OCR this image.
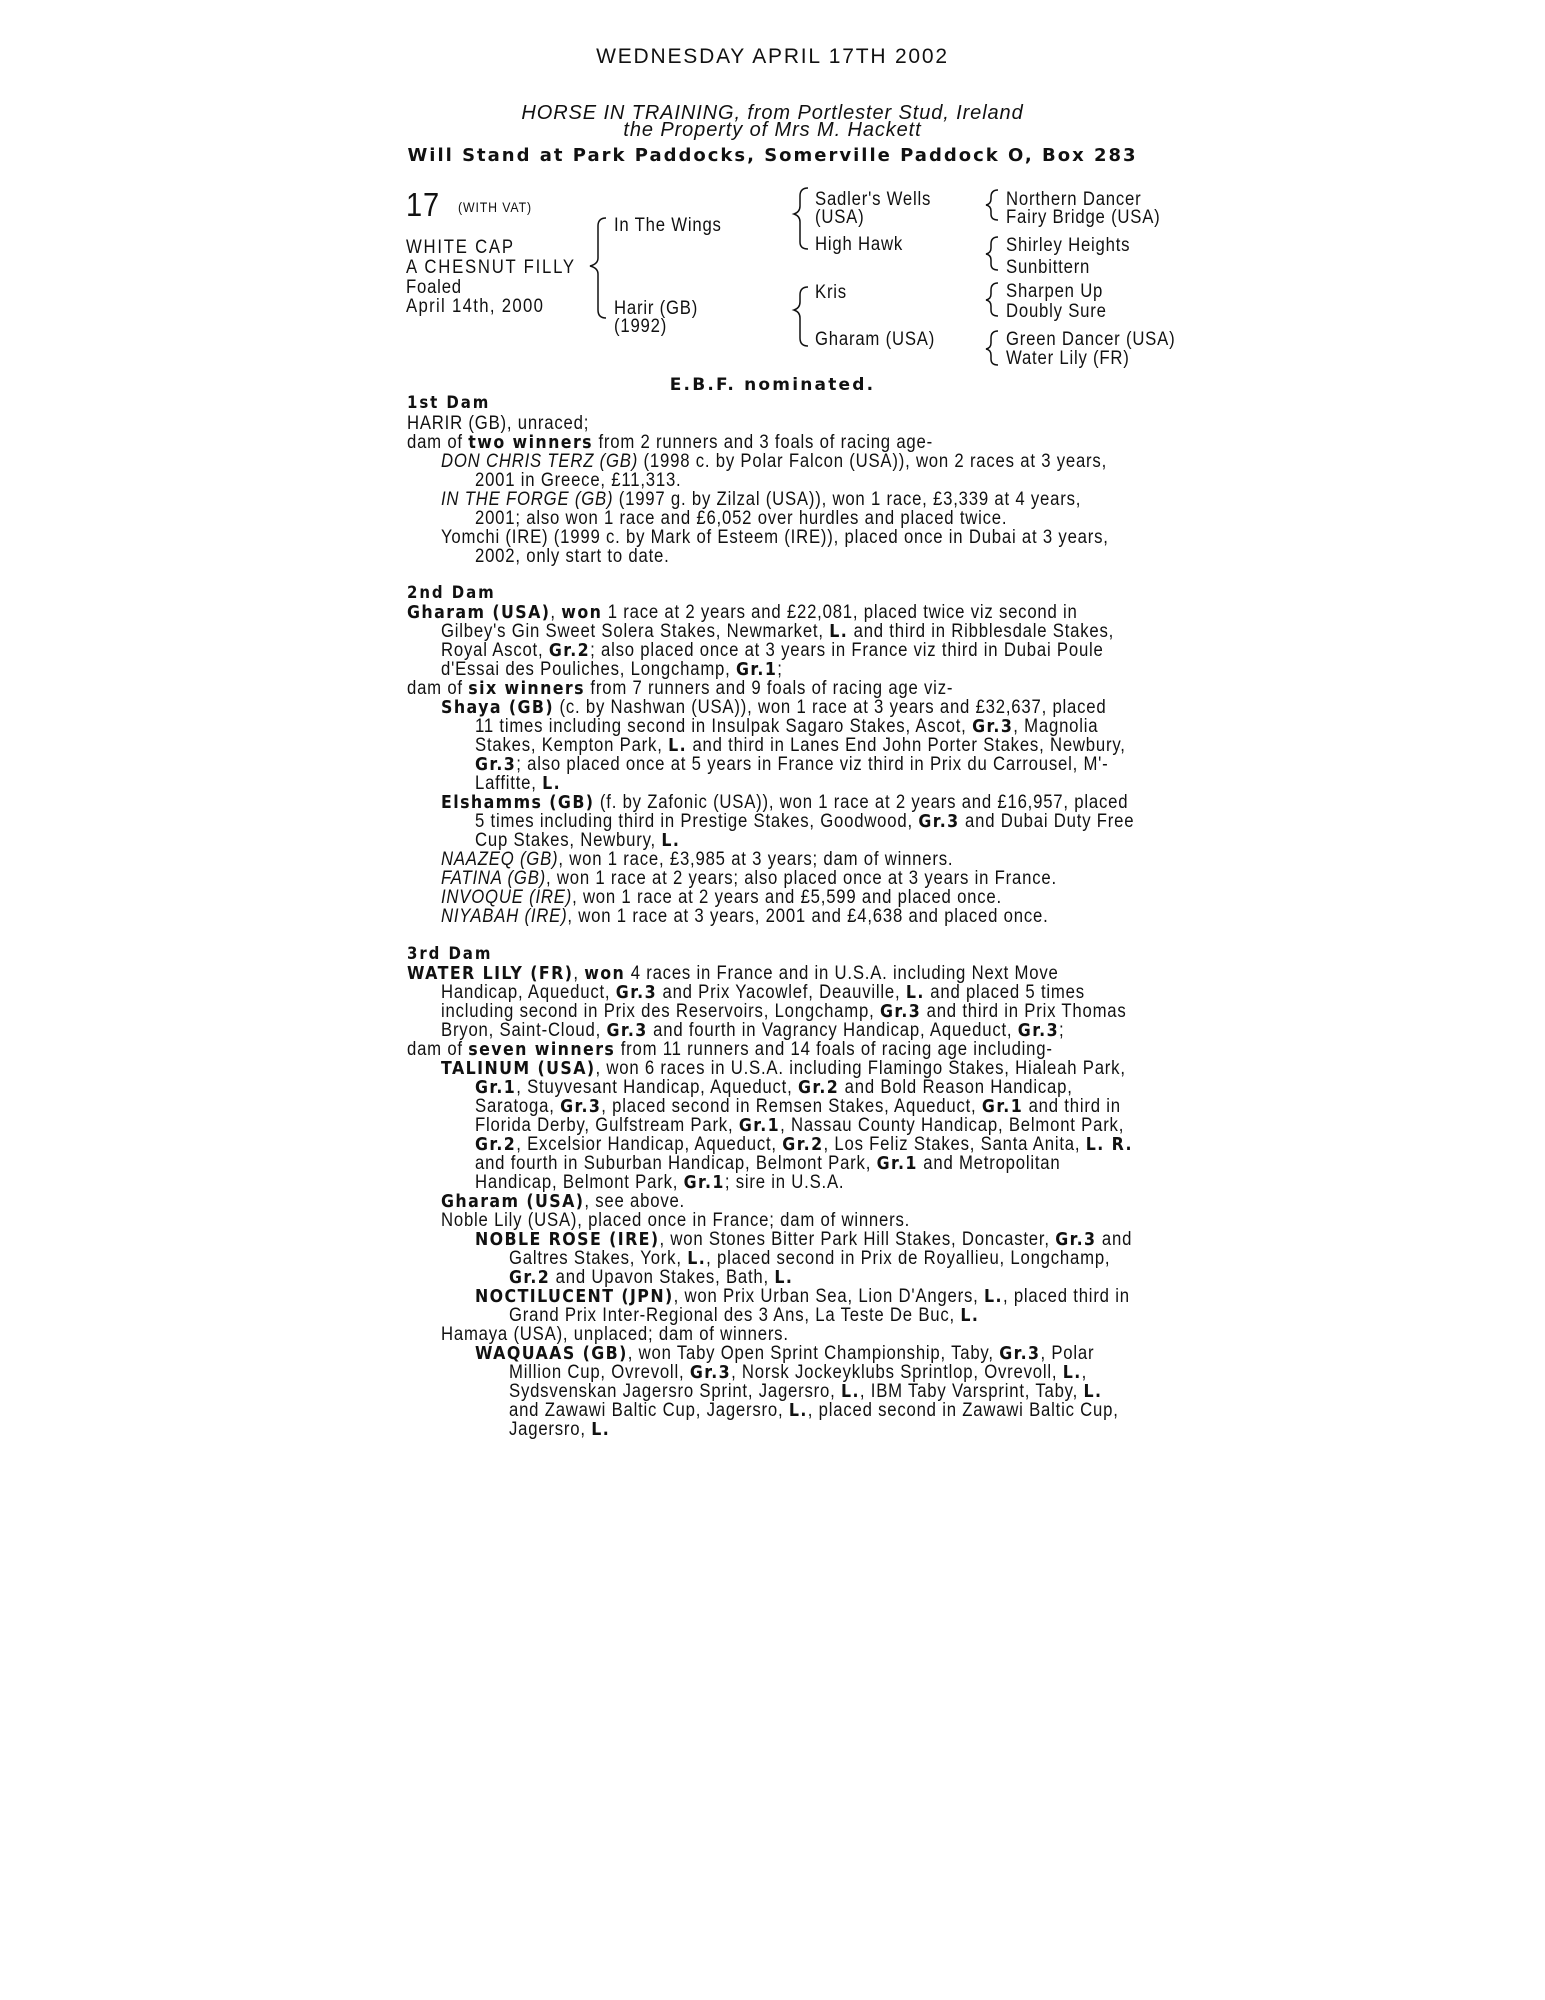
WEDNESDAY APRIL 17TH 2002
HORSE IN TRAINING, from Portlester Stud, Ireland
the Property of Mrs M. Hackett
Will Stand at Park Paddocks, Somerville Paddock O, Box 283
17 (WITH VAT)
WHITE CAP
A CHESNUT FILLY
Foaled
April 14th, 2000
In The Wings
Harir (GB)
(1992)
Sadler's Wells
(USA)
High Hawk
Kris
Gharam (USA)
Northern Dancer
Fairy Bridge (USA)
Shirley Heights
Sunbittern
Sharpen Up
Doubly Sure
Green Dancer (USA)
Water Lily (FR)
E.B.F. nominated.
1st Dam
HARIR (GB), unraced;
dam of two winners from 2 runners and 3 foals of racing age-
DON CHRIS TERZ (GB) (1998 c. by Polar Falcon (USA)), won 2 races at 3 years,
2001 in Greece, £11,313.
IN THE FORGE (GB) (1997 g. by Zilzal (USA)), won 1 race, £3,339 at 4 years,
2001; also won 1 race and £6,052 over hurdles and placed twice.
Yomchi (IRE) (1999 c. by Mark of Esteem (IRE)), placed once in Dubai at 3 years,
2002, only start to date.
2nd Dam
Gharam (USA), won 1 race at 2 years and £22,081, placed twice viz second in
Gilbey's Gin Sweet Solera Stakes, Newmarket, L. and third in Ribblesdale Stakes,
Royal Ascot, Gr.2; also placed once at 3 years in France viz third in Dubai Poule
d'Essai des Pouliches, Longchamp, Gr.1;
dam of six winners from 7 runners and 9 foals of racing age viz-
Shaya (GB) (c. by Nashwan (USA)), won 1 race at 3 years and £32,637, placed
11 times including second in Insulpak Sagaro Stakes, Ascot, Gr.3, Magnolia
Stakes, Kempton Park, L. and third in Lanes End John Porter Stakes, Newbury,
Gr.3; also placed once at 5 years in France viz third in Prix du Carrousel, M'-
Laffitte, L.
Elshamms (GB) (f. by Zafonic (USA)), won 1 race at 2 years and £16,957, placed
5 times including third in Prestige Stakes, Goodwood, Gr.3 and Dubai Duty Free
Cup Stakes, Newbury, L.
NAAZEQ (GB), won 1 race, £3,985 at 3 years; dam of winners.
FATINA (GB), won 1 race at 2 years; also placed once at 3 years in France.
INVOQUE (IRE), won 1 race at 2 years and £5,599 and placed once.
NIYABAH (IRE), won 1 race at 3 years, 2001 and £4,638 and placed once.
3rd Dam
WATER LILY (FR), won 4 races in France and in U.S.A. including Next Move
Handicap, Aqueduct, Gr.3 and Prix Yacowlef, Deauville, L. and placed 5 times
including second in Prix des Reservoirs, Longchamp, Gr.3 and third in Prix Thomas
Bryon, Saint-Cloud, Gr.3 and fourth in Vagrancy Handicap, Aqueduct, Gr.3;
dam of seven winners from 11 runners and 14 foals of racing age including-
TALINUM (USA), won 6 races in U.S.A. including Flamingo Stakes, Hialeah Park,
Gr.1, Stuyvesant Handicap, Aqueduct, Gr.2 and Bold Reason Handicap,
Saratoga, Gr.3, placed second in Remsen Stakes, Aqueduct, Gr.1 and third in
Florida Derby, Gulfstream Park, Gr.1, Nassau County Handicap, Belmont Park,
Gr.2, Excelsior Handicap, Aqueduct, Gr.2, Los Feliz Stakes, Santa Anita, L. R.
and fourth in Suburban Handicap, Belmont Park, Gr.1 and Metropolitan
Handicap, Belmont Park, Gr.1; sire in U.S.A.
Gharam (USA), see above.
Noble Lily (USA), placed once in France; dam of winners.
NOBLE ROSE (IRE), won Stones Bitter Park Hill Stakes, Doncaster, Gr.3 and
Galtres Stakes, York, L., placed second in Prix de Royallieu, Longchamp,
Gr.2 and Upavon Stakes, Bath, L.
NOCTILUCENT (JPN), won Prix Urban Sea, Lion D'Angers, L., placed third in
Grand Prix Inter-Regional des 3 Ans, La Teste De Buc, L.
Hamaya (USA), unplaced; dam of winners.
WAQUAAS (GB), won Taby Open Sprint Championship, Taby, Gr.3, Polar
Million Cup, Ovrevoll, Gr.3, Norsk Jockeyklubs Sprintlop, Ovrevoll, L.,
Sydsvenskan Jagersro Sprint, Jagersro, L., IBM Taby Varsprint, Taby, L.
and Zawawi Baltic Cup, Jagersro, L., placed second in Zawawi Baltic Cup,
Jagersro, L.
